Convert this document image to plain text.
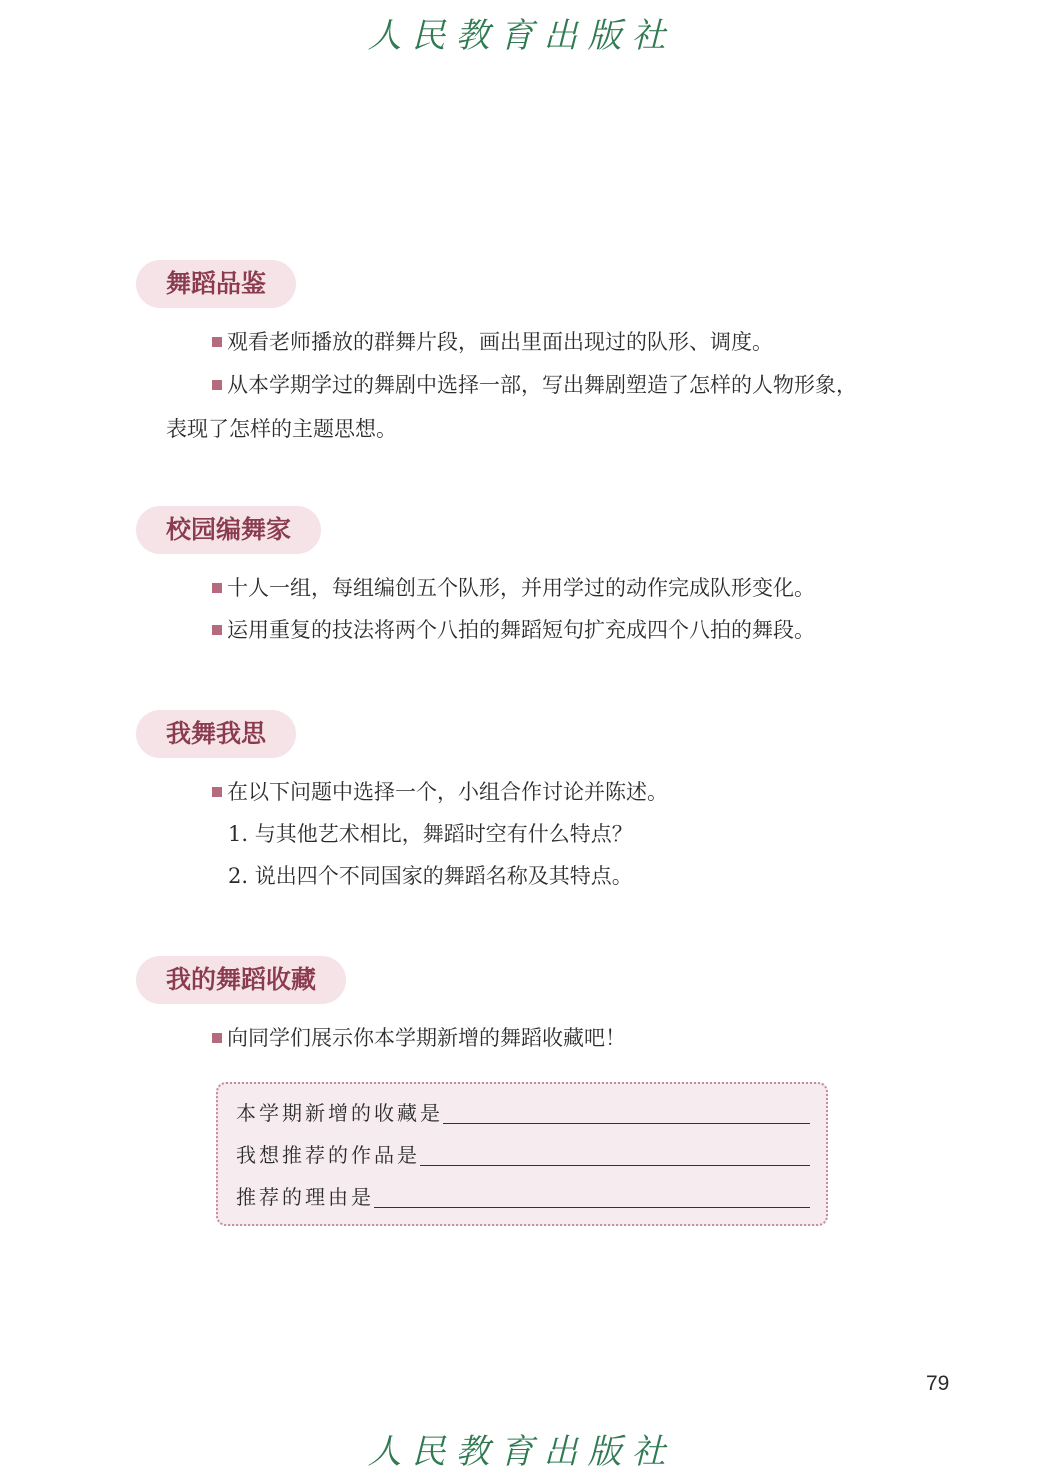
人民教育出版社
舞蹈品鉴
观看老师播放的群舞片段，画出里面出现过的队形、调度。
从本学期学过的舞剧中选择一部，写出舞剧塑造了怎样的人物形象，
表现了怎样的主题思想。
校园编舞家
十人一组，每组编创五个队形，并用学过的动作完成队形变化。
运用重复的技法将两个八拍的舞蹈短句扩充成四个八拍的舞段。
我舞我思
在以下问题中选择一个，小组合作讨论并陈述。
1. 与其他艺术相比，舞蹈时空有什么特点？
2. 说出四个不同国家的舞蹈名称及其特点。
我的舞蹈收藏
向同学们展示你本学期新增的舞蹈收藏吧！
本学期新增的收藏是
我想推荐的作品是
推荐的理由是
79
人民教育出版社
